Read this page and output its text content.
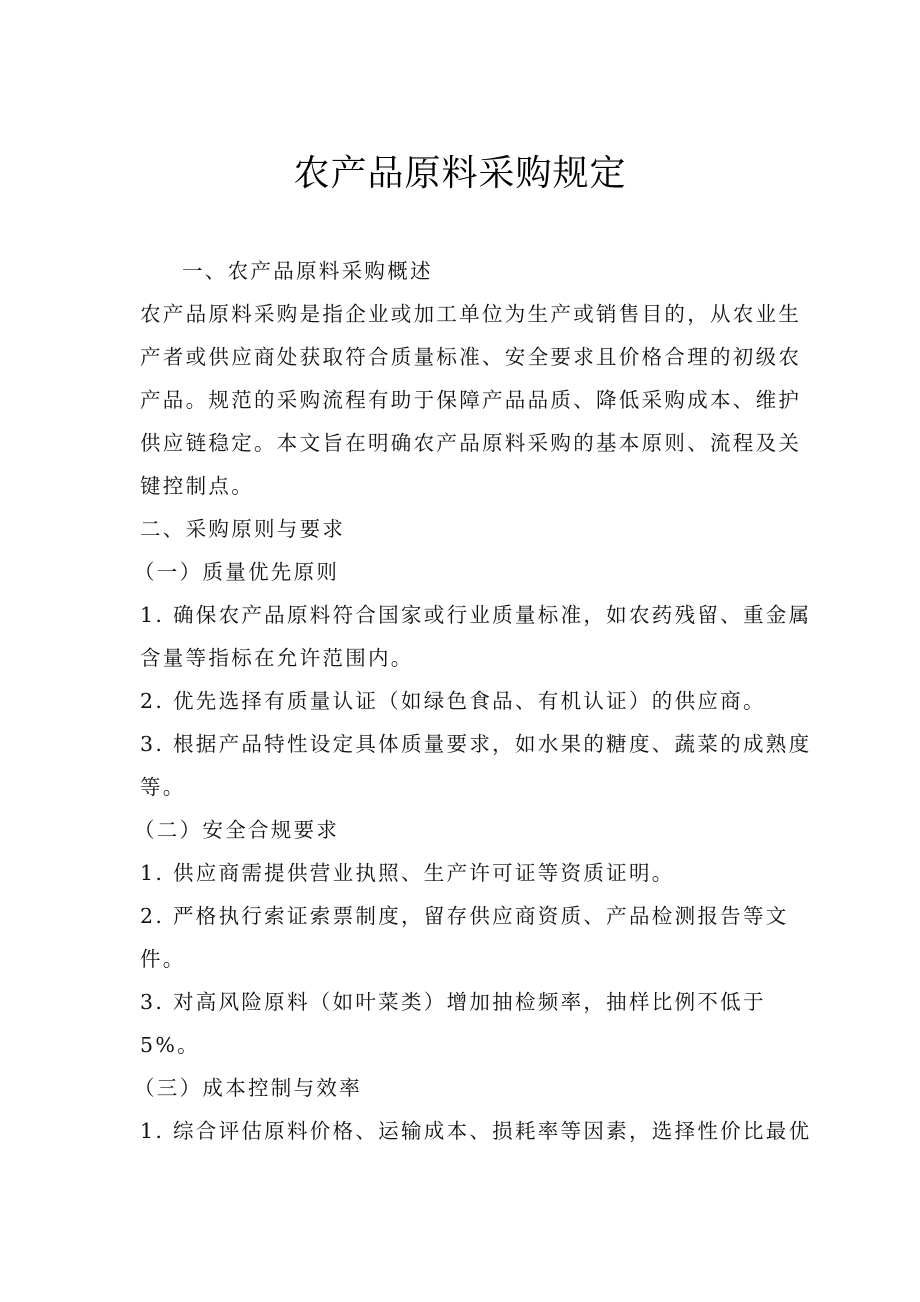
农产品原料采购规定
一、农产品原料采购概述
农产品原料采购是指企业或加工单位为生产或销售目的，从农业生
产者或供应商处获取符合质量标准、安全要求且价格合理的初级农
产品。规范的采购流程有助于保障产品品质、降低采购成本、维护
供应链稳定。本文旨在明确农产品原料采购的基本原则、流程及关
键控制点。
二、采购原则与要求
（一）质量优先原则
1. 确保农产品原料符合国家或行业质量标准，如农药残留、重金属
含量等指标在允许范围内。
2. 优先选择有质量认证（如绿色食品、有机认证）的供应商。
3. 根据产品特性设定具体质量要求，如水果的糖度、蔬菜的成熟度
等。
（二）安全合规要求
1. 供应商需提供营业执照、生产许可证等资质证明。
2. 严格执行索证索票制度，留存供应商资质、产品检测报告等文
件。
3. 对高风险原料（如叶菜类）增加抽检频率，抽样比例不低于
5%。
（三）成本控制与效率
1. 综合评估原料价格、运输成本、损耗率等因素，选择性价比最优
